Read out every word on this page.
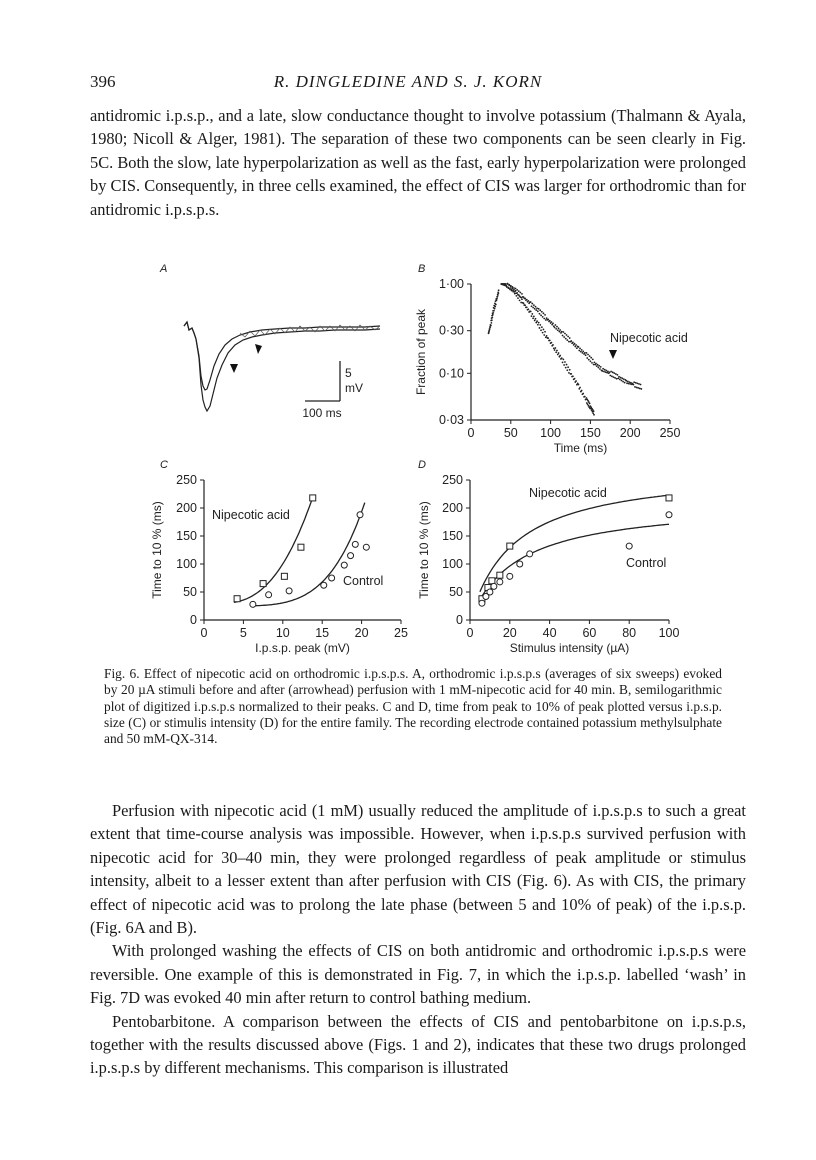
396	R. DINGLEDINE AND S. J. KORN

antidromic i.p.s.p., and a late, slow conductance thought to involve potassium (Thalmann & Ayala, 1980; Nicoll & Alger, 1981). The separation of these two components can be seen clearly in Fig. 5C. Both the slow, late hyperpolarization as well as the fast, early hyperpolarization were prolonged by CIS. Consequently, in three cells examined, the effect of CIS was larger for orthodromic than for antidromic i.p.s.p.s.

A	B
C	D
5
mV
100 ms
0 50 100 150 200 250
0·03
0·10
0·30
1·00
Time (ms)
Fraction of peak	Nipecotic acid
0	5 10 15 20 25
0
50
100
150
200
250
I.p.s.p. peak (mV)
Time to 10 % (ms)	Nipecotic acid
Control
0 20 40 60 80 100
0
50
100
150
200
250
Stimulus intensity (µA)
Time to 10 % (ms)
Nipecotic acid
Control
Fig. 6. Effect of nipecotic acid on orthodromic i.p.s.p.s. A, orthodromic i.p.s.p.s (averages of six sweeps) evoked by 20 µA stimuli before and after (arrowhead) perfusion with 1 mM-nipecotic acid for 40 min. B, semilogarithmic plot of digitized i.p.s.p.s normalized to their peaks. C and D, time from peak to 10% of peak plotted versus i.p.s.p. size (C) or stimulis intensity (D) for the entire family. The recording electrode contained potassium methylsulphate and 50 mM-QX-314.

Perfusion with nipecotic acid (1 mM) usually reduced the amplitude of i.p.s.p.s to such a great extent that time-course analysis was impossible. However, when i.p.s.p.s survived perfusion with nipecotic acid for 30–40 min, they were prolonged regardless of peak amplitude or stimulus intensity, albeit to a lesser extent than after perfusion with CIS (Fig. 6). As with CIS, the primary effect of nipecotic acid was to prolong the late phase (between 5 and 10% of peak) of the i.p.s.p. (Fig. 6A and B).

With prolonged washing the effects of CIS on both antidromic and orthodromic i.p.s.p.s were reversible. One example of this is demonstrated in Fig. 7, in which the i.p.s.p. labelled ‘wash’ in Fig. 7D was evoked 40 min after return to control bathing medium.

Pentobarbitone. A comparison between the effects of CIS and pentobarbitone on i.p.s.p.s, together with the results discussed above (Figs. 1 and 2), indicates that these two drugs prolonged i.p.s.p.s by different mechanisms. This comparison is illustrated
